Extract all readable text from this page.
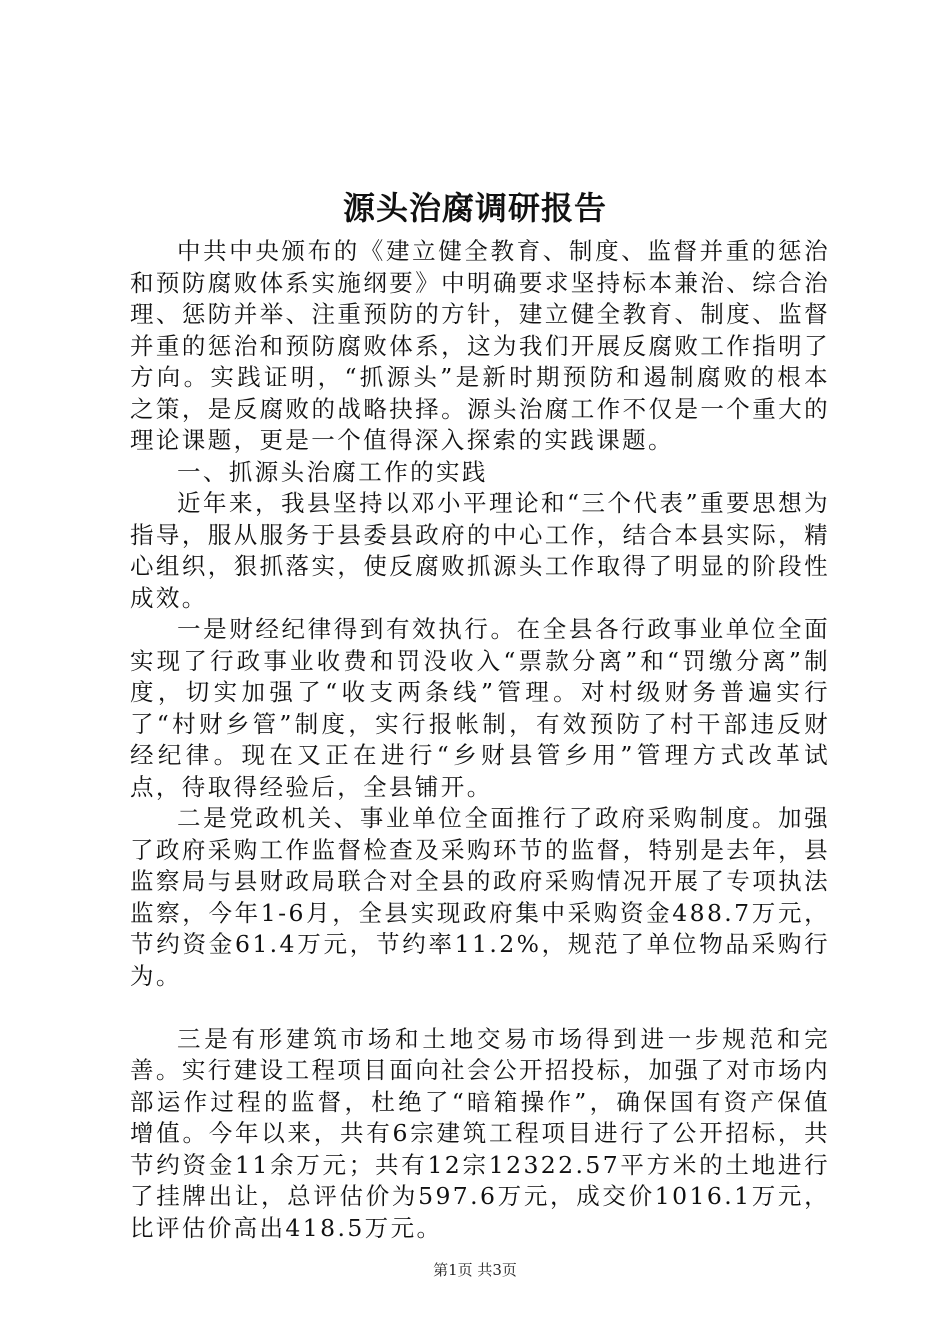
源头治腐调研报告

中共中央颁布的《建立健全教育、制度、监督并重的惩治和预防腐败体系实施纲要》中明确要求坚持标本兼治、综合治理、惩防并举、注重预防的方针，建立健全教育、制度、监督并重的惩治和预防腐败体系，这为我们开展反腐败工作指明了方向。实践证明，“抓源头”是新时期预防和遏制腐败的根本之策，是反腐败的战略抉择。源头治腐工作不仅是一个重大的理论课题，更是一个值得深入探索的实践课题。

一、抓源头治腐工作的实践

近年来，我县坚持以邓小平理论和“三个代表”重要思想为指导，服从服务于县委县政府的中心工作，结合本县实际，精心组织，狠抓落实，使反腐败抓源头工作取得了明显的阶段性成效。

一是财经纪律得到有效执行。在全县各行政事业单位全面实现了行政事业收费和罚没收入“票款分离”和“罚缴分离”制度，切实加强了“收支两条线”管理。对村级财务普遍实行了“村财乡管”制度，实行报帐制，有效预防了村干部违反财经纪律。现在又正在进行“乡财县管乡用”管理方式改革试点，待取得经验后，全县铺开。

二是党政机关、事业单位全面推行了政府采购制度。加强了政府采购工作监督检查及采购环节的监督，特别是去年，县监察局与县财政局联合对全县的政府采购情况开展了专项执法监察，今年1-6月，全县实现政府集中采购资金488.7万元，节约资金61.4万元，节约率11.2%，规范了单位物品采购行为。

三是有形建筑市场和土地交易市场得到进一步规范和完善。实行建设工程项目面向社会公开招投标，加强了对市场内部运作过程的监督，杜绝了“暗箱操作”，确保国有资产保值增值。今年以来，共有6宗建筑工程项目进行了公开招标，共节约资金11余万元；共有12宗12322.57平方米的土地进行了挂牌出让，总评估价为597.6万元，成交价1016.1万元，比评估价高出418.5万元。

第1页 共3页
